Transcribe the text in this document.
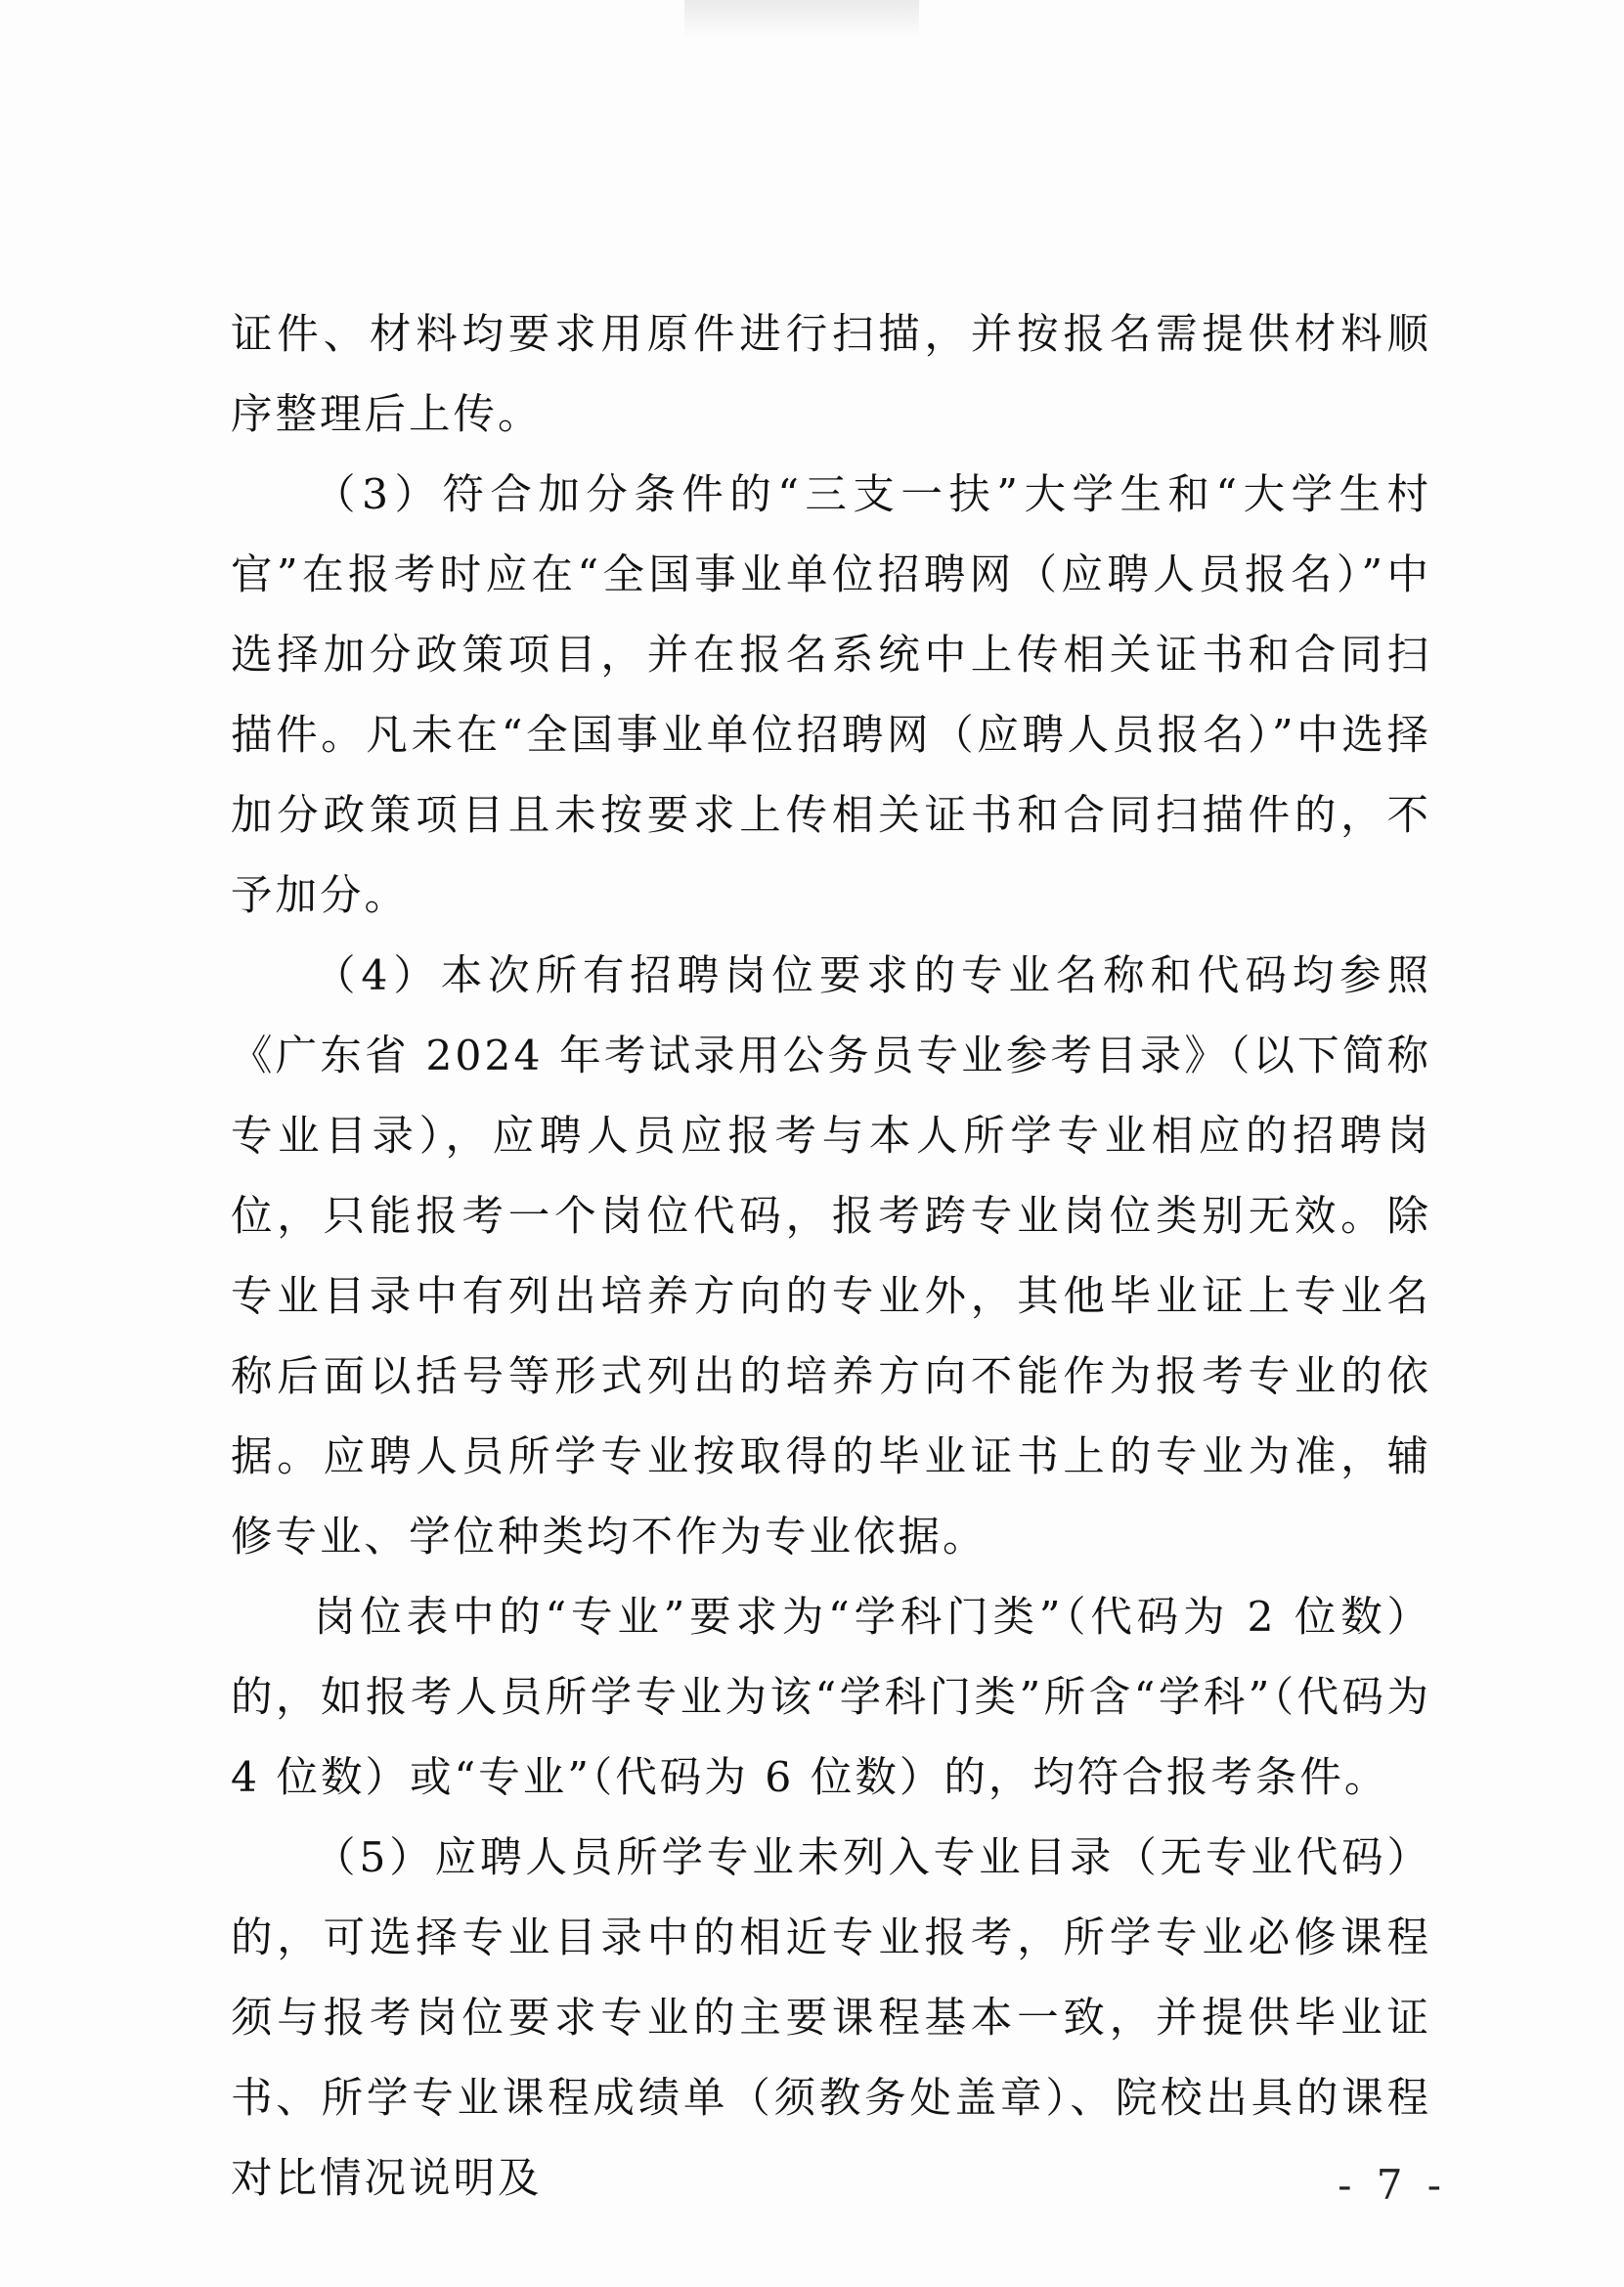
证件、材料均要求用原件进行扫描，并按报名需提供材料顺序整理后上传。

（3）符合加分条件的“三支一扶”大学生和“大学生村官”在报考时应在“全国事业单位招聘网（应聘人员报名）”中选择加分政策项目，并在报名系统中上传相关证书和合同扫描件。凡未在“全国事业单位招聘网（应聘人员报名）”中选择加分政策项目且未按要求上传相关证书和合同扫描件的，不予加分。

（4）本次所有招聘岗位要求的专业名称和代码均参照《广东省 2024 年考试录用公务员专业参考目录》（以下简称专业目录），应聘人员应报考与本人所学专业相应的招聘岗位，只能报考一个岗位代码，报考跨专业岗位类别无效。除专业目录中有列出培养方向的专业外，其他毕业证上专业名称后面以括号等形式列出的培养方向不能作为报考专业的依据。应聘人员所学专业按取得的毕业证书上的专业为准，辅修专业、学位种类均不作为专业依据。

岗位表中的“专业”要求为“学科门类”（代码为 2 位数）的，如报考人员所学专业为该“学科门类”所含“学科”（代码为 4 位数）或“专业”（代码为 6 位数）的，均符合报考条件。

（5）应聘人员所学专业未列入专业目录（无专业代码）的，可选择专业目录中的相近专业报考，所学专业必修课程须与报考岗位要求专业的主要课程基本一致，并提供毕业证书、所学专业课程成绩单（须教务处盖章）、院校出具的课程对比情况说明及	- 7 -
